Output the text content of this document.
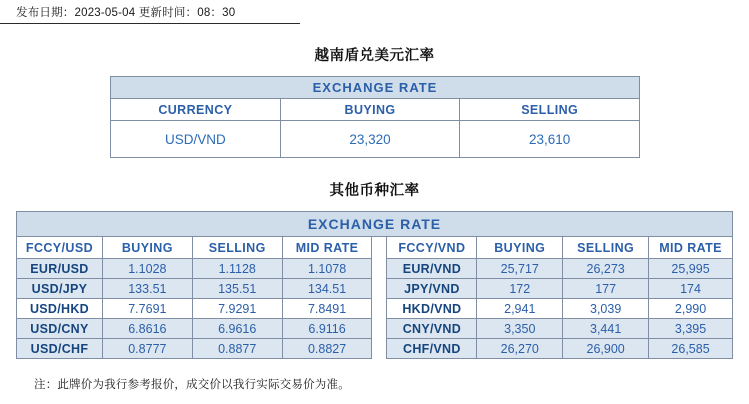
发布日期：2023-05-04 更新时间：08：30
越南盾兑美元汇率
EXCHANGE RATE		
CURRENCY	BUYING	SELLING
USD/VND	23,320	23,610
其他币种汇率
EXCHANGE RATE								
FCCY/USD	BUYING	SELLING	MID RATE		FCCY/VND	BUYING	SELLING	MID RATE
EUR/USD	1.1028	1.1128	1.1078		EUR/VND	25,717	26,273	25,995
USD/JPY	133.51	135.51	134.51		JPY/VND	172	177	174
USD/HKD	7.7691	7.9291	7.8491		HKD/VND	2,941	3,039	2,990
USD/CNY	6.8616	6.9616	6.9116		CNY/VND	3,350	3,441	3,395
USD/CHF	0.8777	0.8877	0.8827		CHF/VND	26,270	26,900	26,585
注：此牌价为我行参考报价，成交价以我行实际交易价为准。
